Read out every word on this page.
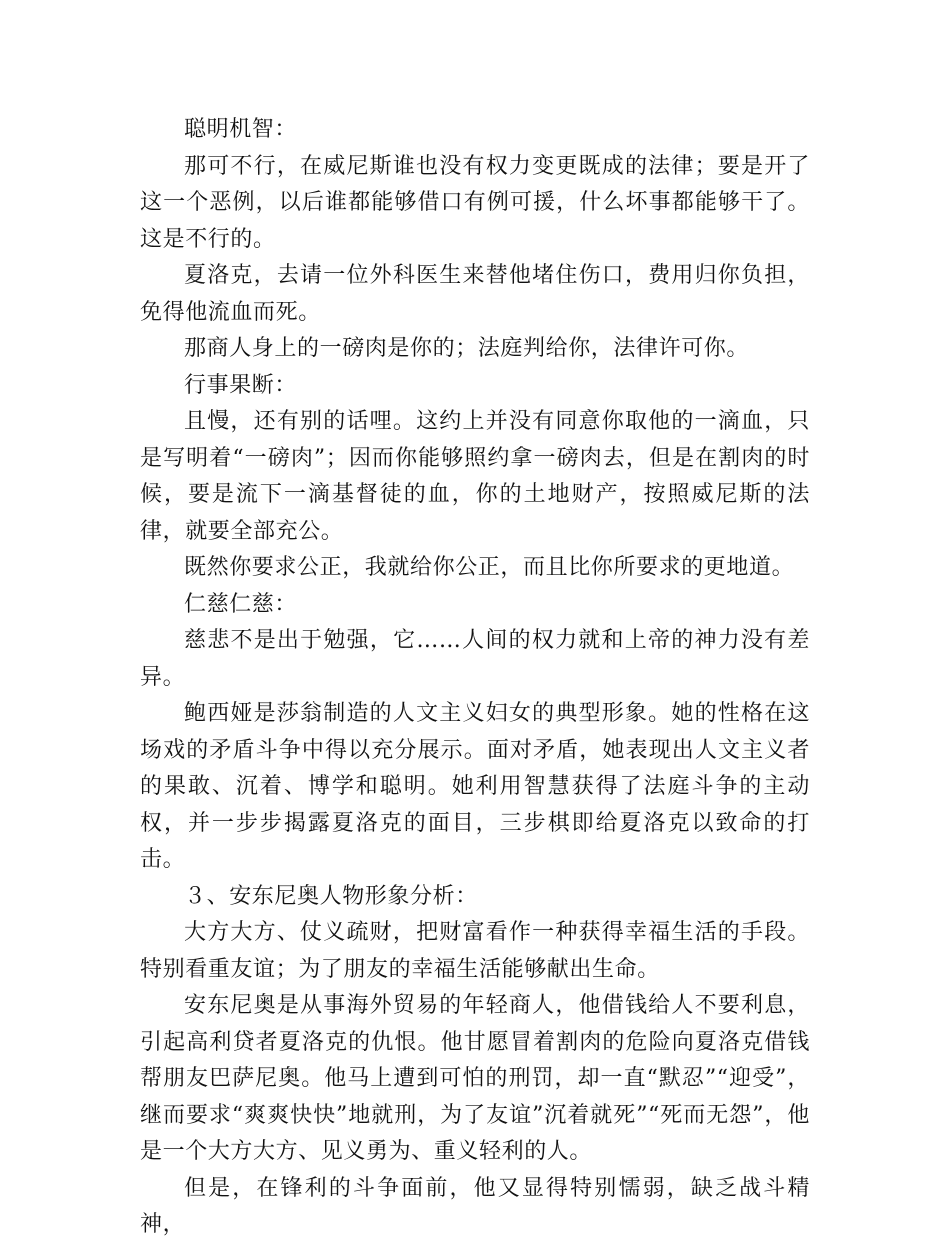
聪明机智：

那可不行，在威尼斯谁也没有权力变更既成的法律；要是开了这一个恶例，以后谁都能够借口有例可援，什么坏事都能够干了。这是不行的。

夏洛克，去请一位外科医生来替他堵住伤口，费用归你负担，免得他流血而死。

那商人身上的一磅肉是你的；法庭判给你，法律许可你。

行事果断：

且慢，还有别的话哩。这约上并没有同意你取他的一滴血，只是写明着“一磅肉”；因而你能够照约拿一磅肉去，但是在割肉的时候，要是流下一滴基督徒的血，你的土地财产，按照威尼斯的法律，就要全部充公。

既然你要求公正，我就给你公正，而且比你所要求的更地道。

仁慈仁慈：

慈悲不是出于勉强，它……人间的权力就和上帝的神力没有差异。

鲍西娅是莎翁制造的人文主义妇女的典型形象。她的性格在这场戏的矛盾斗争中得以充分展示。面对矛盾，她表现出人文主义者的果敢、沉着、博学和聪明。她利用智慧获得了法庭斗争的主动权，并一步步揭露夏洛克的面目，三步棋即给夏洛克以致命的打击。

３、安东尼奥人物形象分析：

大方大方、仗义疏财，把财富看作一种获得幸福生活的手段。特别看重友谊；为了朋友的幸福生活能够献出生命。

安东尼奥是从事海外贸易的年轻商人，他借钱给人不要利息，引起高利贷者夏洛克的仇恨。他甘愿冒着割肉的危险向夏洛克借钱帮朋友巴萨尼奥。他马上遭到可怕的刑罚，却一直“默忍”“迎受”，继而要求“爽爽快快”地就刑，为了友谊”沉着就死”“死而无怨”，他是一个大方大方、见义勇为、重义轻利的人。

但是，在锋利的斗争面前，他又显得特别懦弱，缺乏战斗精神，
